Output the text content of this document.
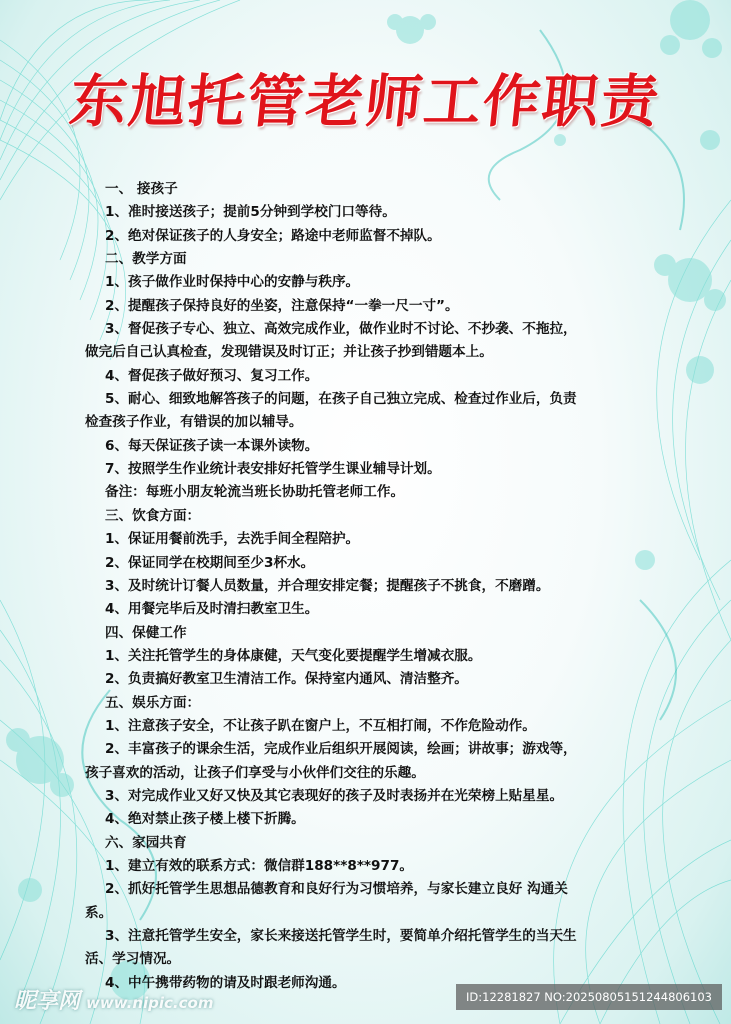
东旭托管老师工作职责
一、 接孩子
1、准时接送孩子；提前5分钟到学校门口等待。
2、绝对保证孩子的人身安全；路途中老师监督不掉队。
二、教学方面
1、孩子做作业时保持中心的安静与秩序。
2、提醒孩子保持良好的坐姿，注意保持“一拳一尺一寸”。
3、督促孩子专心、独立、高效完成作业，做作业时不讨论、不抄袭、不拖拉，
做完后自己认真检查，发现错误及时订正；并让孩子抄到错题本上。
4、督促孩子做好预习、复习工作。
5、耐心、细致地解答孩子的问题，在孩子自己独立完成、检查过作业后，负责
检查孩子作业，有错误的加以辅导。
6、每天保证孩子读一本课外读物。
7、按照学生作业统计表安排好托管学生课业辅导计划。
备注：每班小朋友轮流当班长协助托管老师工作。
三、饮食方面：
1、保证用餐前洗手，去洗手间全程陪护。
2、保证同学在校期间至少3杯水。
3、及时统计订餐人员数量，并合理安排定餐；提醒孩子不挑食，不磨蹭。
4、用餐完毕后及时清扫教室卫生。
四、保健工作
1、关注托管学生的身体康健，天气变化要提醒学生增减衣服。
2、负责搞好教室卫生清洁工作。保持室内通风、清洁整齐。
五、娱乐方面：
1、注意孩子安全，不让孩子趴在窗户上，不互相打闹，不作危险动作。
2、丰富孩子的课余生活，完成作业后组织开展阅读，绘画；讲故事；游戏等，
孩子喜欢的活动，让孩子们享受与小伙伴们交往的乐趣。
3、对完成作业又好又快及其它表现好的孩子及时表扬并在光荣榜上贴星星。
4、绝对禁止孩子楼上楼下折腾。
六、家园共育
1、建立有效的联系方式：微信群188**8**977。
2、抓好托管学生思想品德教育和良好行为习惯培养，与家长建立良好 沟通关
系。
3、注意托管学生安全，家长来接送托管学生时，要简单介绍托管学生的当天生
活、学习情况。
4、中午携带药物的请及时跟老师沟通。
昵享网 www.nipic.com	ID:12281827 NO:20250805151244806103
